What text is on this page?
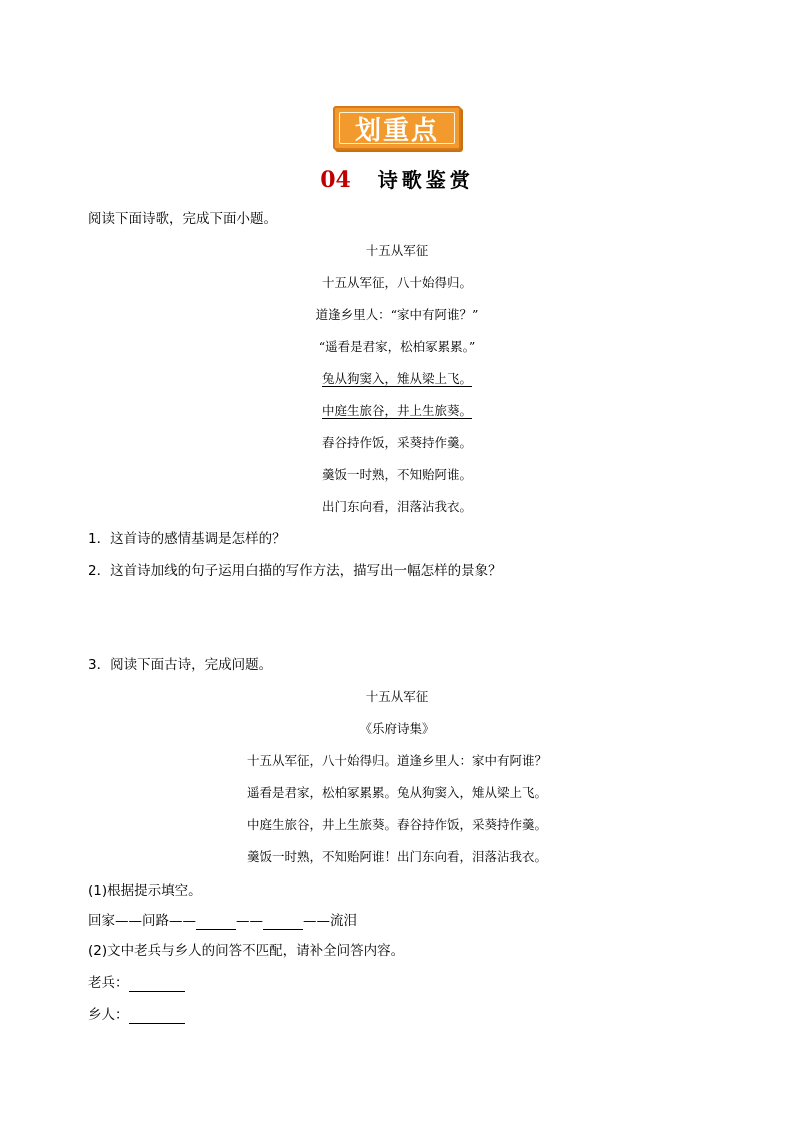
划重点
04 诗歌鉴赏
阅读下面诗歌，完成下面小题。
十五从军征
十五从军征，八十始得归。
道逢乡里人：“家中有阿谁？”
“遥看是君家，松柏冢累累。”
兔从狗窦入，雉从梁上飞。
中庭生旅谷，井上生旅葵。
舂谷持作饭，采葵持作羹。
羹饭一时熟，不知贻阿谁。
出门东向看，泪落沾我衣。
1．这首诗的感情基调是怎样的？
2．这首诗加线的句子运用白描的写作方法，描写出一幅怎样的景象？
3．阅读下面古诗，完成问题。
十五从军征
《乐府诗集》
十五从军征，八十始得归。道逢乡里人：家中有阿谁？
遥看是君家，松柏冢累累。兔从狗窦入，雉从梁上飞。
中庭生旅谷，井上生旅葵。舂谷持作饭，采葵持作羹。
羹饭一时熟，不知贻阿谁！出门东向看，泪落沾我衣。
(1)根据提示填空。
回家——问路——	——	——流泪
(2)文中老兵与乡人的问答不匹配，请补全问答内容。
老兵：
乡人：
